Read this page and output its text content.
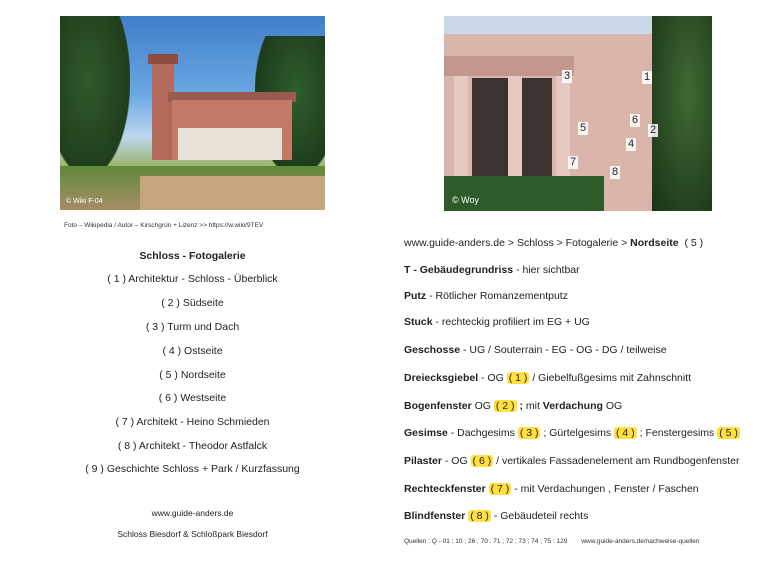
© Wiki F-04
Foto – Wikipedia / Autor – Kirschgrün + Lizenz >> https://w.wiki/9TEV
1
2
3
4
5
6
7
8
© Woy
Schloss - Fotogalerie
( 1 ) Architektur - Schloss - Überblick
( 2 ) Südseite
( 3 ) Turm und Dach
( 4 ) Ostseite
( 5 ) Nordseite
( 6 ) Westseite
( 7 ) Architekt - Heino Schmieden
( 8 ) Architekt - Theodor Astfalck
( 9 ) Geschichte Schloss + Park / Kurzfassung
www.guide-anders.de
Schloss Biesdorf & Schloßpark Biesdorf
www.guide-anders.de > Schloss > Fotogalerie > Nordseite  ( 5 )
T - Gebäudegrundriss - hier sichtbar
Putz - Rötlicher Romanzementputz
Stuck - rechteckig profiliert im EG + UG
Geschosse - UG / Souterrain - EG - OG - DG / teilweise
Dreiecksgiebel - OG ( 1 ) / Giebelfußgesims mit Zahnschnitt
Bogenfenster OG ( 2 ) ; mit Verdachung OG
Gesimse - Dachgesims ( 3 ) ; Gürtelgesims ( 4 ) ; Fenstergesims ( 5 )
Pilaster - OG ( 6 ) / vertikales Fassadenelement am Rundbogenfenster
Rechteckfenster ( 7 ) - mit Verdachungen , Fenster / Faschen
Blindfenster ( 8 ) - Gebäudeteil rechts
Quellen : Q - 01 ; 10 ; 26 ; 70 : 71 ; 72 ; 73 ; 74 ; 75 : 129 www.guide-anders.de/nachweise-quellen
